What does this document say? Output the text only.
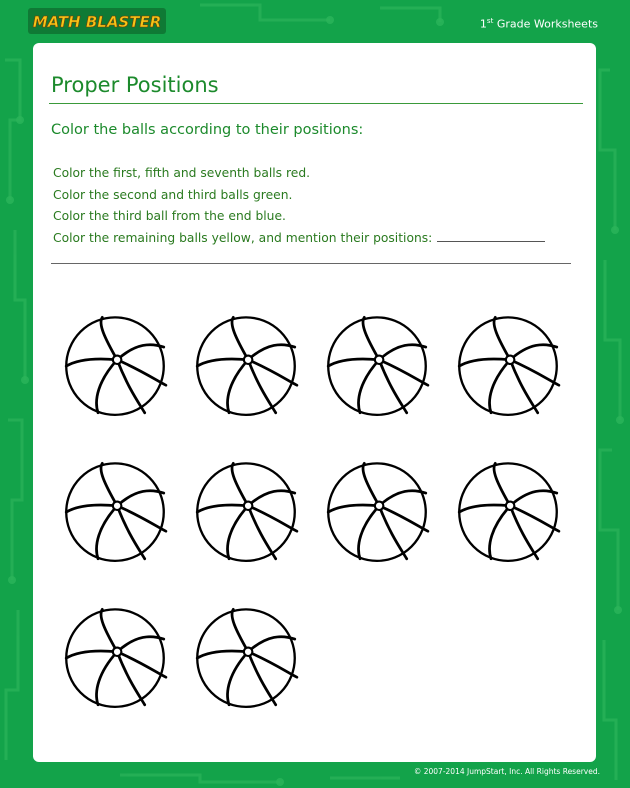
MATH BLASTER	1st Grade Worksheets
Proper Positions
Color the balls according to their positions:
Color the first, fifth and seventh balls red.
Color the second and third balls green.
Color the third ball from the end blue.
Color the remaining balls yellow, and mention their positions:
© 2007-2014 JumpStart, Inc. All Rights Reserved.
